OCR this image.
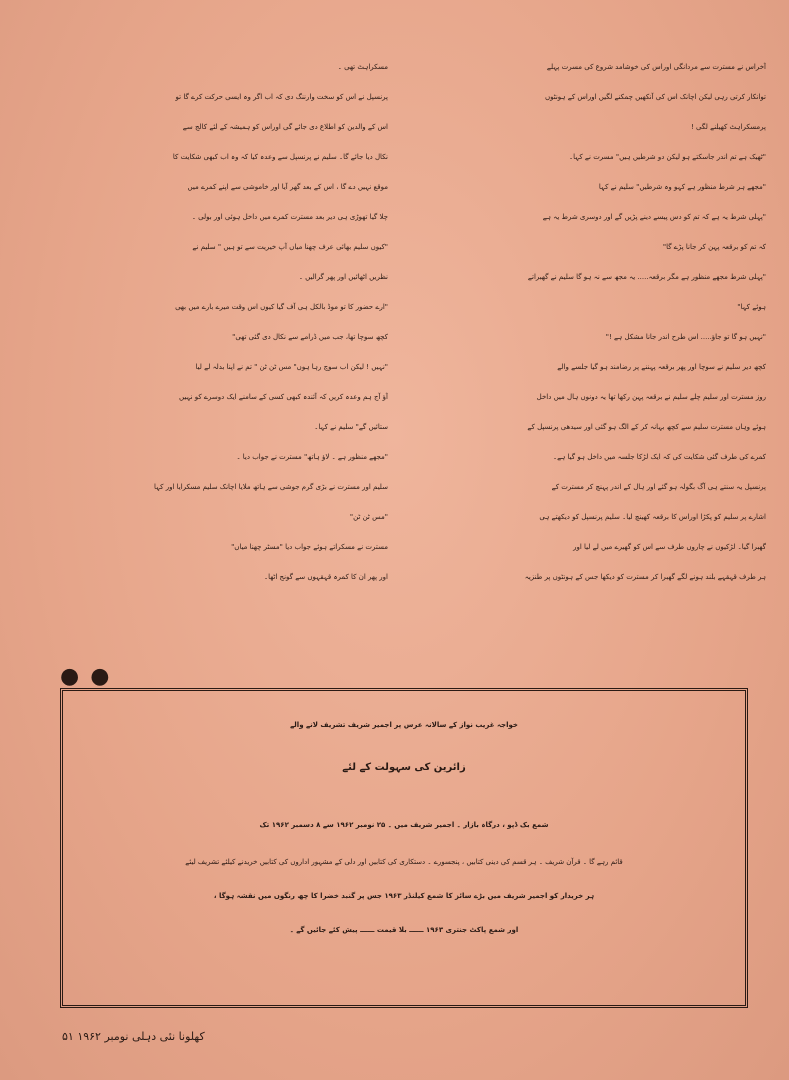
آخراس نے مسترت سے مردانگی اوراس کی خوشامد شروع کی مسرت پہلے
توانکار کرتی رہی لیکن اچانک اس کی آنکھیں چمکنے لگیں اوراس کے ہونٹوں
پرمسکراہٹ کھیلنے لگی !
"ٹھیک ہے تم اندر جاسکتے ہو لیکن دو شرطیں ہیں" مسرت نے کہا۔
"مجھے ہر شرط منظور ہے کہو وہ شرطیں" سلیم نے کہا
"پہلی شرط یہ ہے کہ تم کو دس پیسے دینے پڑیں گے اور دوسری شرط یہ ہے
کہ تم کو برقعہ پہن کر جانا پڑے گا"
"پہلی شرط مجھے منظور ہے مگر برقعہ..... یہ مجھ سے نہ ہو گا سلیم نے گھبراتے
ہوئے کہا"
"نہیں ہو گا تو جاؤ..... اس طرح اندر جانا مشکل ہے !"
کچھ دیر سلیم نے سوچا اور پھر برقعہ پہننے پر رضامند ہو گیا جلسے والے
روز مسترت اور سلیم چلے سلیم نے برقعہ پہن رکھا تھا یہ دونوں ہال میں داخل
ہوئے وہاں مسترت سلیم سے کچھ بہانہ کر کے الگ ہو گئی اور سیدھی پرنسپل کے
کمرے کی طرف گئی شکایت کی کہ ایک لڑکا جلسہ میں داخل ہو گیا ہے۔
پرنسپل یہ سنتے ہی آگ بگولہ ہو گئے اور ہال کے اندر پہنچ کر مسترت کے
اشارے پر سلیم کو پکڑا اوراس کا برقعہ کھینچ لیا۔ سلیم پرنسپل کو دیکھتے ہی
گھبرا گیا۔ لڑکیوں نے چاروں طرف سے اس کو گھیرے میں لے لیا اور
ہر طرف قہقہے بلند ہونے لگے گھبرا کر مسترت کو دیکھا جس کے ہونٹوں پر طنزیہ
مسکراہٹ تھی ۔
پرنسپل نے اس کو سخت وارننگ دی کہ اب اگر وہ ایسی حرکت کرے گا تو
اس کے والدین کو اطلاع دی جائے گی اوراس کو ہمیشہ کے لئے کالج سے
نکال دیا جائے گا۔ سلیم نے پرنسپل سے وعدہ کیا کہ وہ اب کبھی شکایت کا
موقع نہیں دے گا ، اس کے بعد گھر آیا اور خاموشی سے اپنے کمرے میں
چلا گیا تھوڑی ہی دیر بعد مسترت کمرے میں داخل ہوئی اور بولی ۔
"کیوں سلیم بھائی عرف چھنا میاں آپ خیریت سے تو ہیں " سلیم نے
نظریں اٹھائیں اور پھر گرالیں ۔
"ارے حضور کا تو موڈ بالکل ہی آف گیا کیوں اس وقت میرے بارے میں بھی
کچھ سوچا تھا، جب میں ڈرامے سے نکال دی گئی تھی"
"نہیں ! لیکن اب سوچ رہا ہوں" مس ٹن ٹن " تم نے اپنا بدلہ لے لیا
آؤ آج ہم وعدہ کریں کہ آئندہ کبھی کسی کے سامنے ایک دوسرے کو نہیں
ستائیں گے" سلیم نے کہا۔
"مجھے منظور ہے ۔ لاؤ ہاتھ" مسترت نے جواب دیا ۔
سلیم اور مسترت نے بڑی گرم جوشی سے ہاتھ ملایا اچانک سلیم مسکرایا اور کہا
"مس ٹن ٹن"
مسترت نے مسکراتے ہوئے جواب دیا "مسٹر چھنا میاں"
اور پھر ان کا کمرہ قہقہوں سے گونج اٹھا۔
● ●
خواجہ غریب نواز کے سالانہ عرس پر اجمیر شریف تشریف لانے والے
زائرین کی سہولت کے لئے
شمع بک ڈپو ، درگاہ بازار ۔ اجمیر شریف میں ۔ ۲۵ نومبر ۱۹۶۲ سے ۸ دسمبر ۱۹۶۲ تک
قائم رہے گا ۔ قرآن شریف ۔ ہر قسم کی دینی کتابیں ، پنجسورے ۔ دستکاری کی کتابیں اور دلی کے مشہور اداروں کی کتابیں خریدنے کیلئے تشریف لیئے
ہر خریدار کو اجمیر شریف میں بڑے سائز کا شمع کیلنڈر ۱۹۶۳ جس پر گنبد خضرا کا چھ رنگوں میں نقشہ ہوگا ،
اور شمع پاکٹ جنتری ۱۹۶۳ ــــــ بلا قیمت ــــــ پیش کئے جائیں گے ۔
کھلونا نئی دہلی نومبر ۱۹۶۲ ۵۱
